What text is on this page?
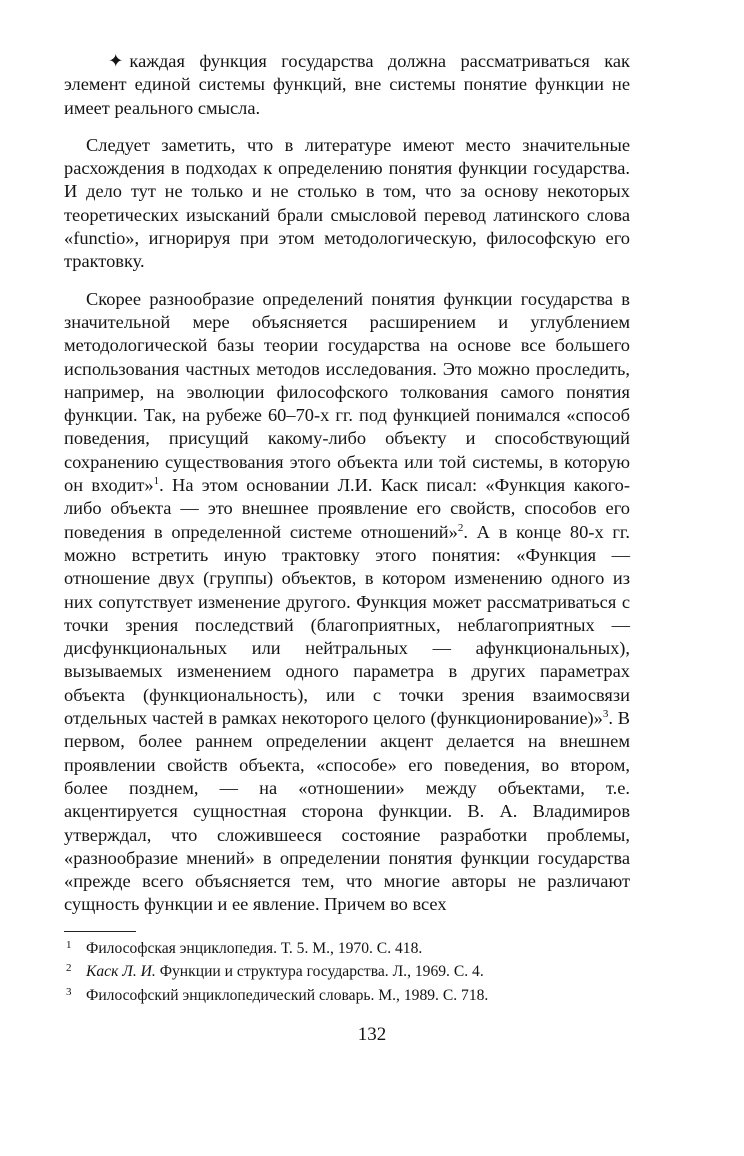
✦ каждая функция государства должна рассматриваться как элемент единой системы функций, вне системы понятие функции не имеет реального смысла.

Следует заметить, что в литературе имеют место значительные расхождения в подходах к определению понятия функции государства. И дело тут не только и не столько в том, что за основу некоторых теоретических изысканий брали смысловой перевод латинского слова «functio», игнорируя при этом методологическую, философскую его трактовку.

Скорее разнообразие определений понятия функции государства в значительной мере объясняется расширением и углублением методологической базы теории государства на основе все большего использования частных методов исследования. Это можно проследить, например, на эволюции философского толкования самого понятия функции. Так, на рубеже 60–70-х гг. под функцией понимался «способ поведения, присущий какому-либо объекту и способствующий сохранению существования этого объекта или той системы, в которую он входит»$^1$. На этом основании Л.И. Каск писал: «Функция какого-либо объекта — это внешнее проявление его свойств, способов его поведения в определенной системе отношений»$^2$. А в конце 80-х гг. можно встретить иную трактовку этого понятия: «Функция — отношение двух (группы) объектов, в котором изменению одного из них сопутствует изменение другого. Функция может рассматриваться с точки зрения последствий (благоприятных, неблагоприятных — дисфункциональных или нейтральных — афункциональных), вызываемых изменением одного параметра в других параметрах объекта (функциональность), или с точки зрения взаимосвязи отдельных частей в рамках некоторого целого (функционирование)»$^3$. В первом, более раннем определении акцент делается на внешнем проявлении свойств объекта, «способе» его поведения, во втором, более позднем, — на «отношении» между объектами, т.е. акцентируется сущностная сторона функции. В. А. Владимиров утверждал, что сложившееся состояние разработки проблемы, «разнообразие мнений» в определении понятия функции государства «прежде всего объясняется тем, что многие авторы не различают сущность функции и ее явление. Причем во всех

1 Философская энциклопедия. Т. 5. М., 1970. С. 418.
2 Каск Л. И. Функции и структура государства. Л., 1969. С. 4.
3 Философский энциклопедический словарь. М., 1989. С. 718.
132
